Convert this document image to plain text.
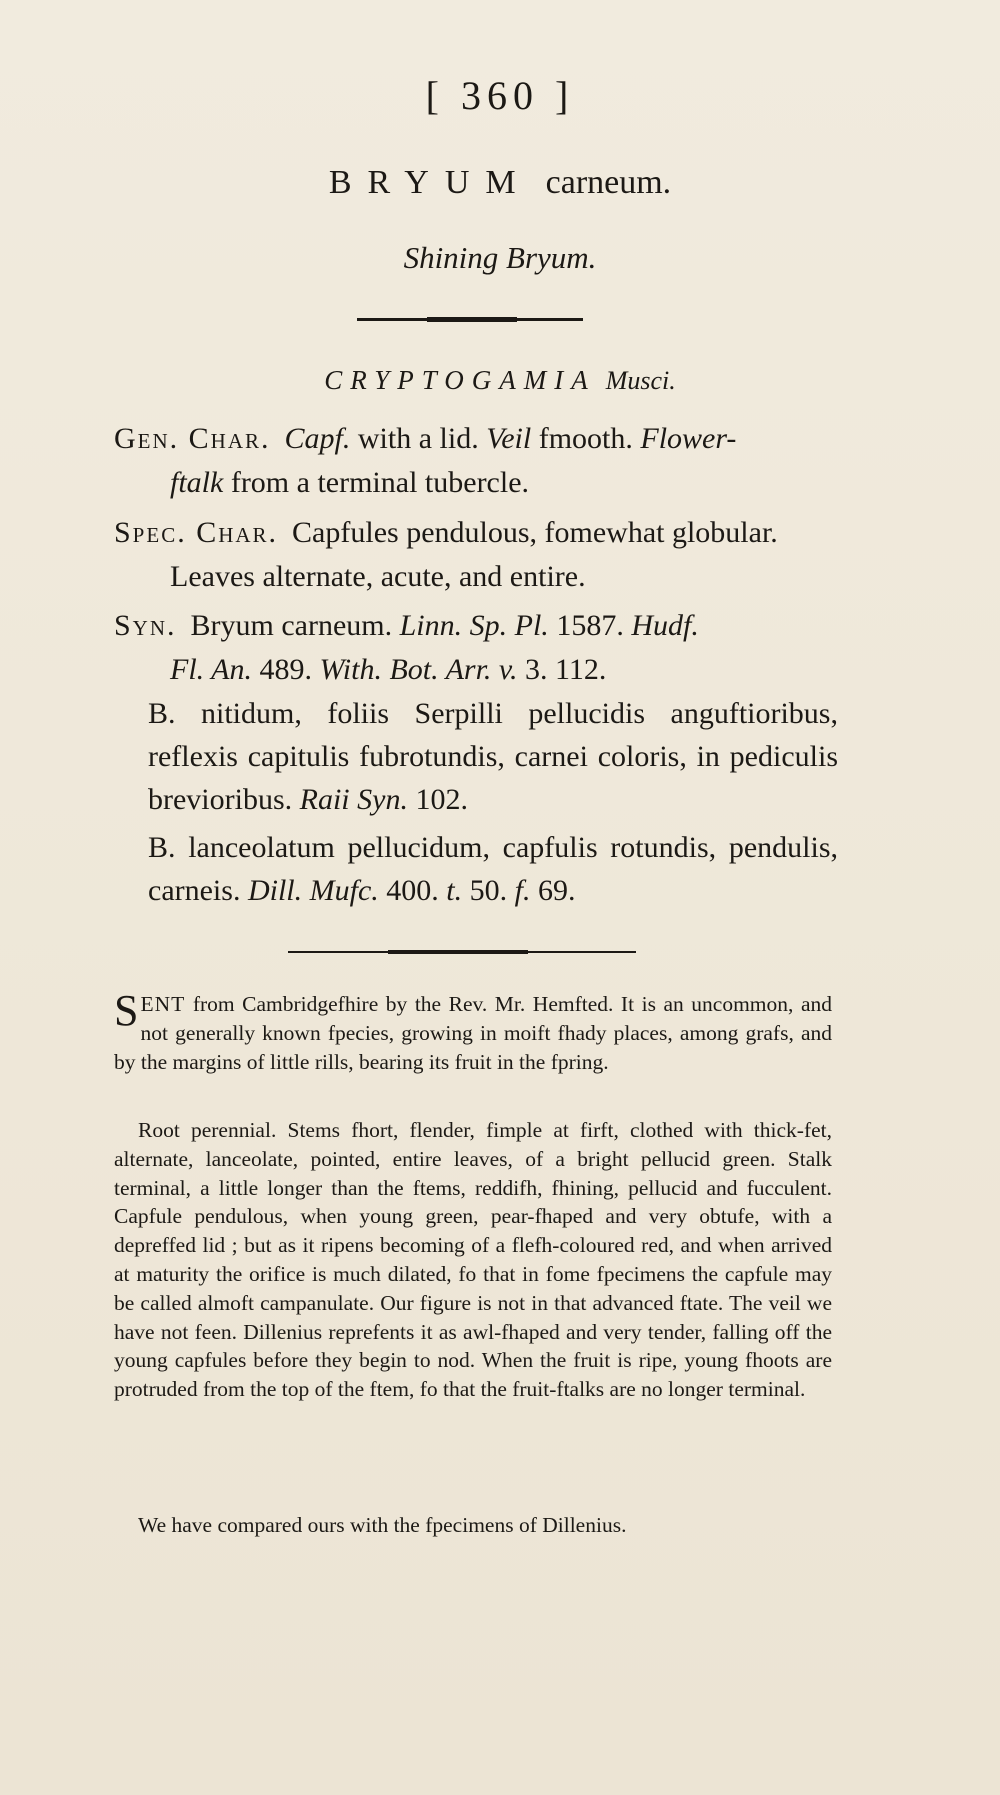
[ 360 ]
BRYUM carneum.
Shining Bryum.
CRYPTOGAMIA Musci.
Gen. Char. Capf. with a lid. Veil fmooth. Flower-
ftalk from a terminal tubercle.
Spec. Char. Capfules pendulous, fomewhat globular.
Leaves alternate, acute, and entire.
Syn. Bryum carneum. Linn. Sp. Pl. 1587. Hudf.
Fl. An. 489. With. Bot. Arr. v. 3. 112.
B. nitidum, foliis Serpilli pellucidis anguftioribus, reflexis capitulis fubrotundis, carnei coloris, in pediculis brevioribus. Raii Syn. 102.
B. lanceolatum pellucidum, capfulis rotundis, pendulis, carneis. Dill. Mufc. 400. t. 50. f. 69.
SENT from Cambridgefhire by the Rev. Mr. Hemfted. It is an uncommon, and not generally known fpecies, growing in moift fhady places, among grafs, and by the margins of little rills, bearing its fruit in the fpring.
Root perennial. Stems fhort, flender, fimple at firft, clothed with thick-fet, alternate, lanceolate, pointed, entire leaves, of a bright pellucid green. Stalk terminal, a little longer than the ftems, reddifh, fhining, pellucid and fucculent. Capfule pendulous, when young green, pear-fhaped and very obtufe, with a depreffed lid ; but as it ripens becoming of a flefh-coloured red, and when arrived at maturity the orifice is much dilated, fo that in fome fpecimens the capfule may be called almoft campanulate. Our figure is not in that advanced ftate. The veil we have not feen. Dillenius reprefents it as awl-fhaped and very tender, falling off the young capfules before they begin to nod. When the fruit is ripe, young fhoots are protruded from the top of the ftem, fo that the fruit-ftalks are no longer terminal.
We have compared ours with the fpecimens of Dillenius.
